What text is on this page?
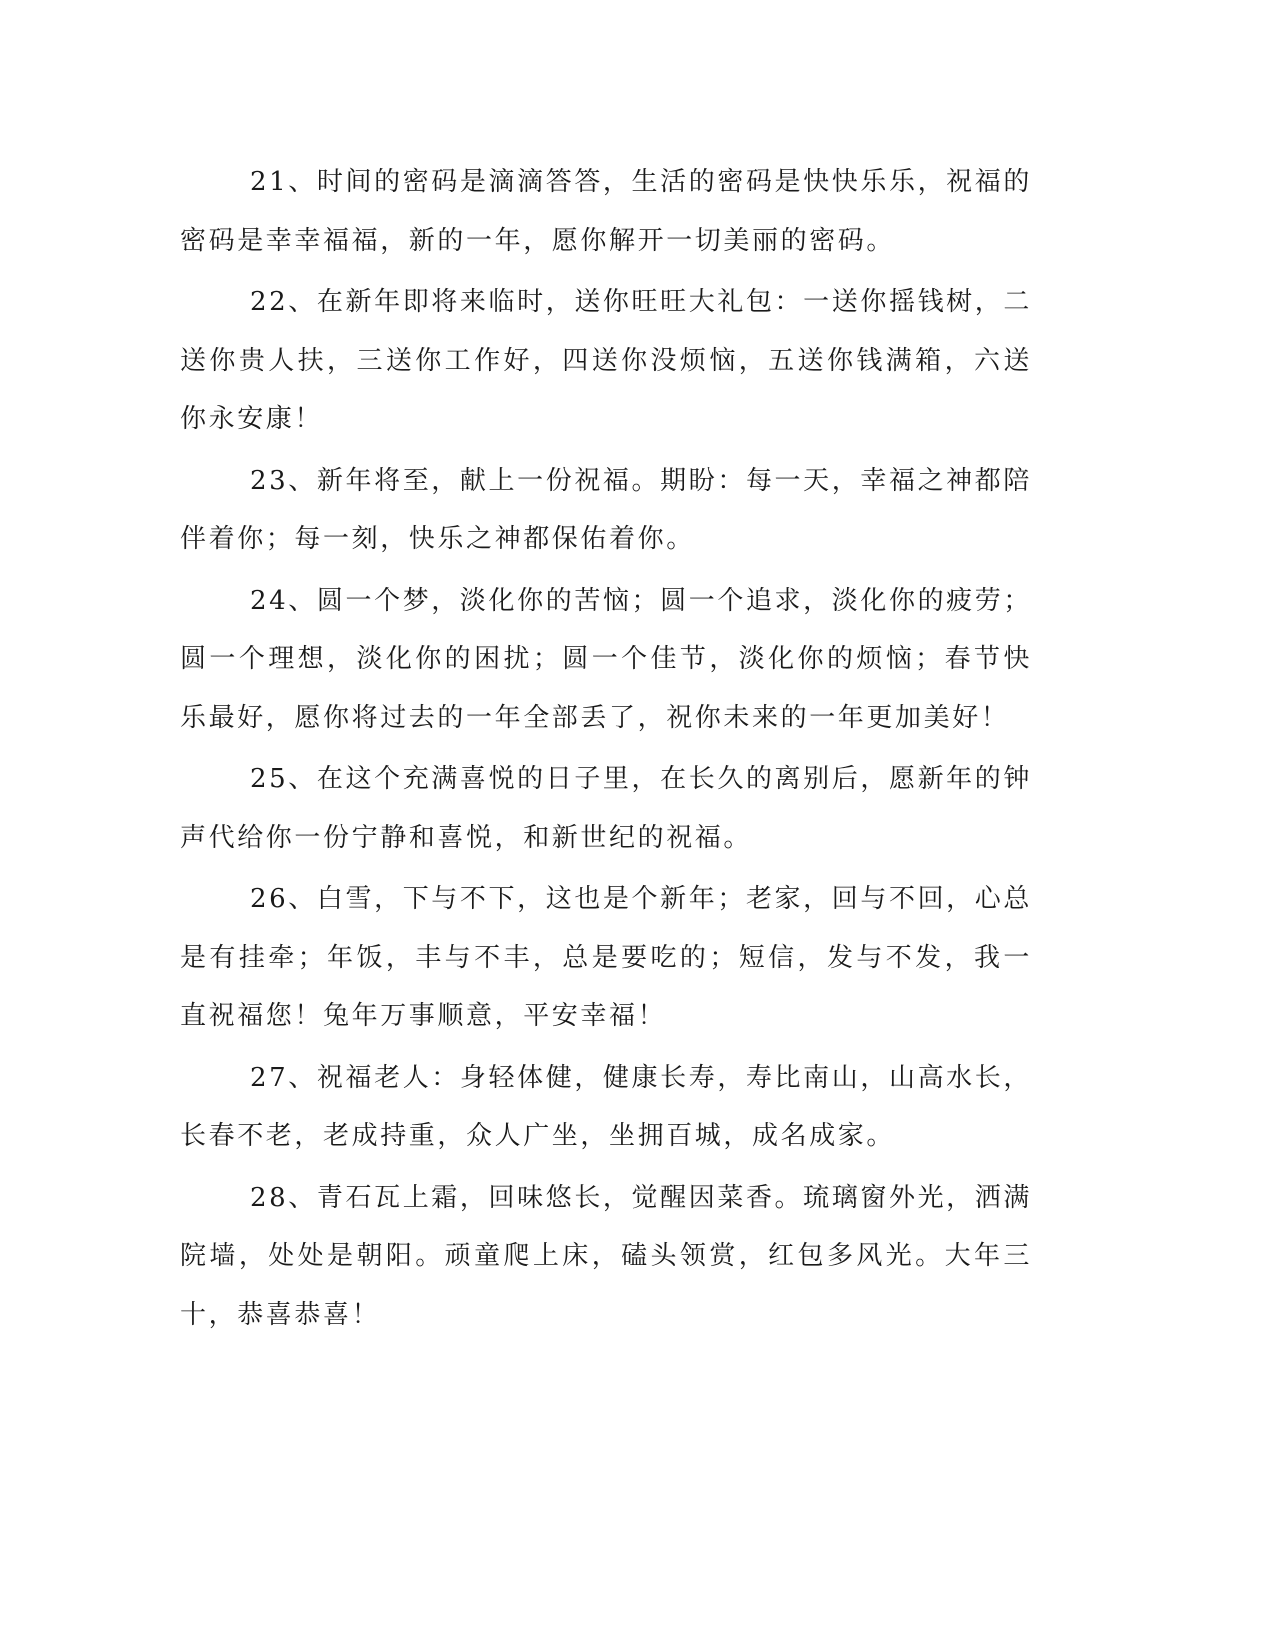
21、时间的密码是滴滴答答，生活的密码是快快乐乐，祝福的密码是幸幸福福，新的一年，愿你解开一切美丽的密码。

22、在新年即将来临时，送你旺旺大礼包：一送你摇钱树，二送你贵人扶，三送你工作好，四送你没烦恼，五送你钱满箱，六送你永安康！

23、新年将至，献上一份祝福。期盼：每一天，幸福之神都陪伴着你；每一刻，快乐之神都保佑着你。

24、圆一个梦，淡化你的苦恼；圆一个追求，淡化你的疲劳；圆一个理想，淡化你的困扰；圆一个佳节，淡化你的烦恼；春节快乐最好，愿你将过去的一年全部丢了，祝你未来的一年更加美好！

25、在这个充满喜悦的日子里，在长久的离别后，愿新年的钟声代给你一份宁静和喜悦，和新世纪的祝福。

26、白雪，下与不下，这也是个新年；老家，回与不回，心总是有挂牵；年饭，丰与不丰，总是要吃的；短信，发与不发，我一直祝福您！兔年万事顺意，平安幸福！

27、祝福老人：身轻体健，健康长寿，寿比南山，山高水长，长春不老，老成持重，众人广坐，坐拥百城，成名成家。

28、青石瓦上霜，回味悠长，觉醒因菜香。琉璃窗外光，洒满院墙，处处是朝阳。顽童爬上床，磕头领赏，红包多风光。大年三十，恭喜恭喜！
